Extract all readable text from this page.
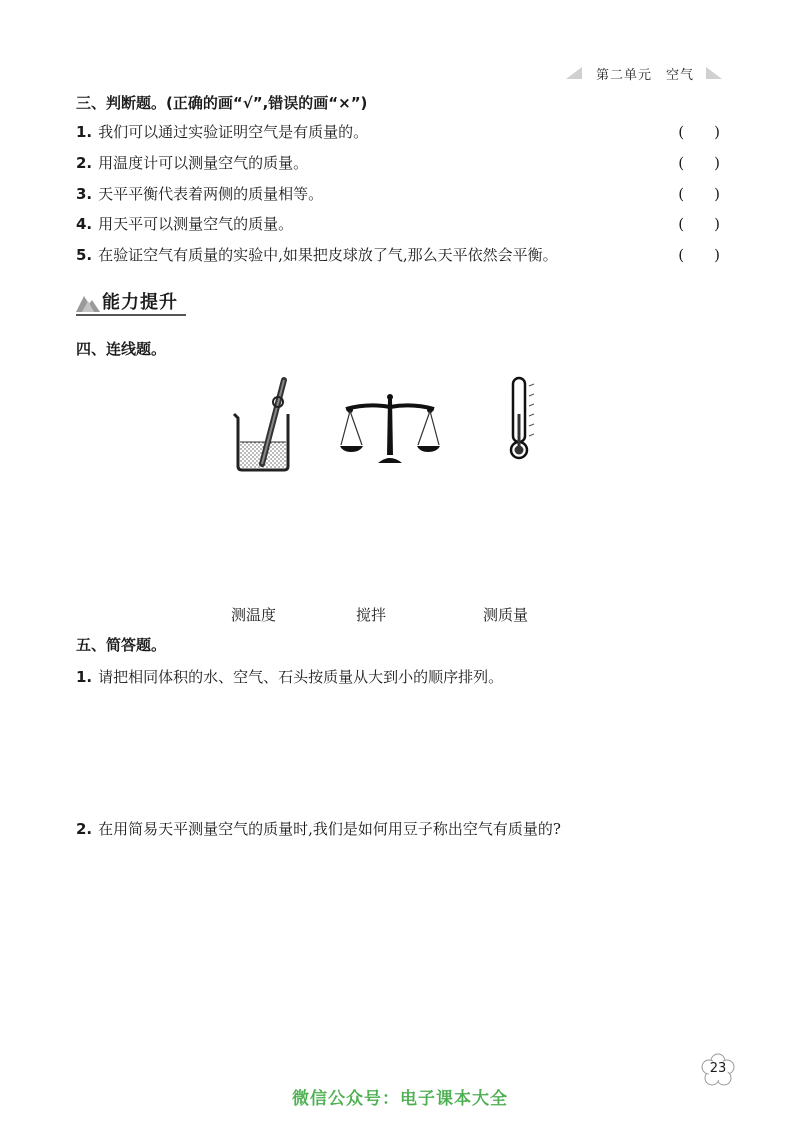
第二单元 空气
三、判断题。(正确的画“√”,错误的画“×”)
1. 我们可以通过实验证明空气是有质量的。	(　　)
2. 用温度计可以测量空气的质量。	(　　)
3. 天平平衡代表着两侧的质量相等。	(　　)
4. 用天平可以测量空气的质量。	(　　)
5. 在验证空气有质量的实验中,如果把皮球放了气,那么天平依然会平衡。	(　　)
能力提升
四、连线题。
测温度	搅拌	测质量
五、简答题。
1. 请把相同体积的水、空气、石头按质量从大到小的顺序排列。
2. 在用简易天平测量空气的质量时,我们是如何用豆子称出空气有质量的?
23
微信公众号：电子课本大全
